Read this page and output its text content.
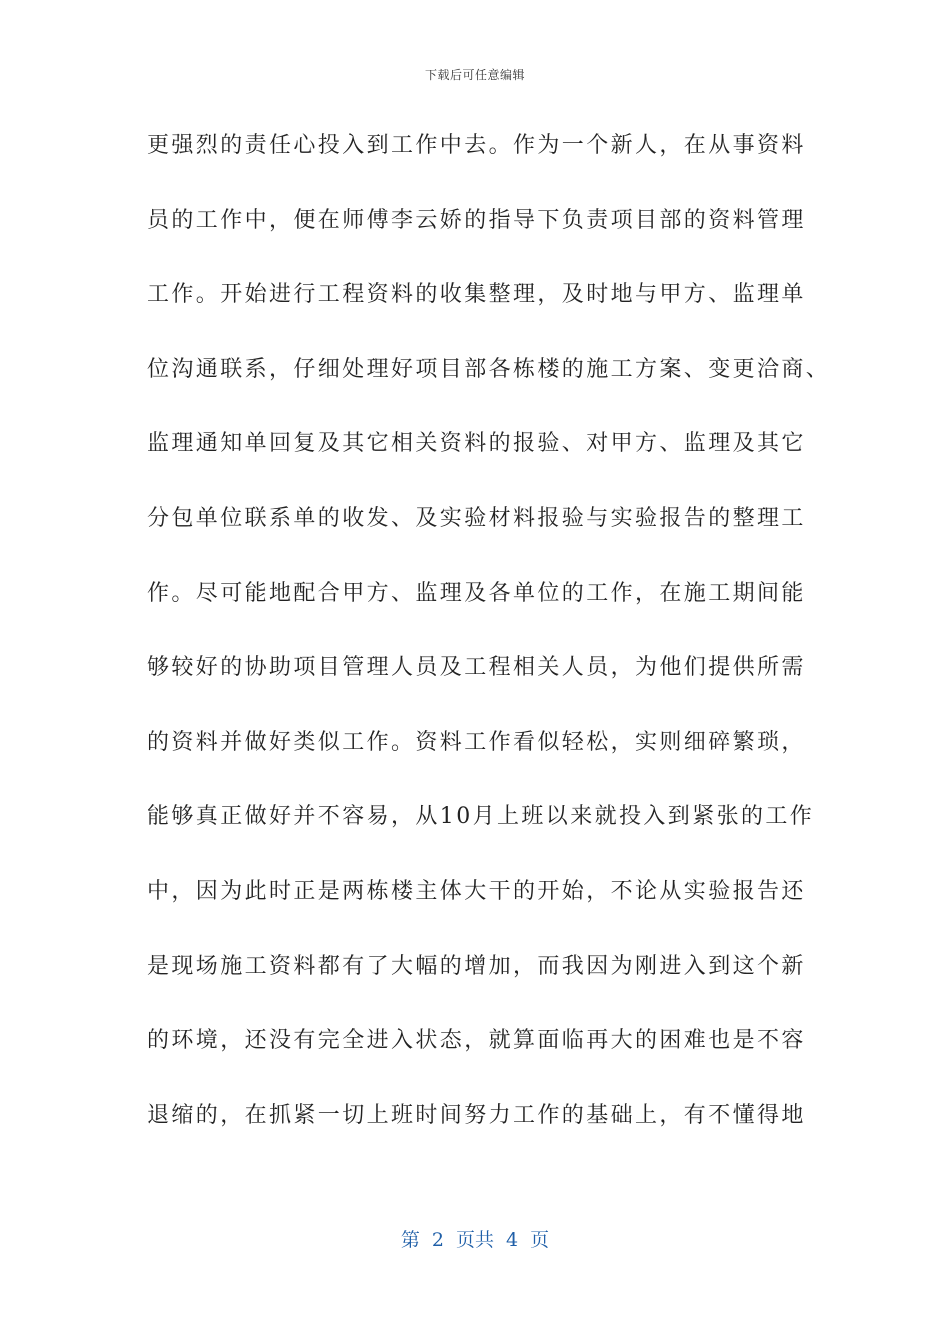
下载后可任意编辑
更强烈的责任心投入到工作中去。作为一个新人，在从事资料
员的工作中，便在师傅李云娇的指导下负责项目部的资料管理
工作。开始进行工程资料的收集整理，及时地与甲方、监理单
位沟通联系，仔细处理好项目部各栋楼的施工方案、变更洽商、
监理通知单回复及其它相关资料的报验、对甲方、监理及其它
分包单位联系单的收发、及实验材料报验与实验报告的整理工
作。尽可能地配合甲方、监理及各单位的工作，在施工期间能
够较好的协助项目管理人员及工程相关人员，为他们提供所需
的资料并做好类似工作。资料工作看似轻松，实则细碎繁琐，
能够真正做好并不容易，从10月上班以来就投入到紧张的工作
中，因为此时正是两栋楼主体大干的开始，不论从实验报告还
是现场施工资料都有了大幅的增加，而我因为刚进入到这个新
的环境，还没有完全进入状态，就算面临再大的困难也是不容
退缩的，在抓紧一切上班时间努力工作的基础上，有不懂得地
第 2 页共 4 页
